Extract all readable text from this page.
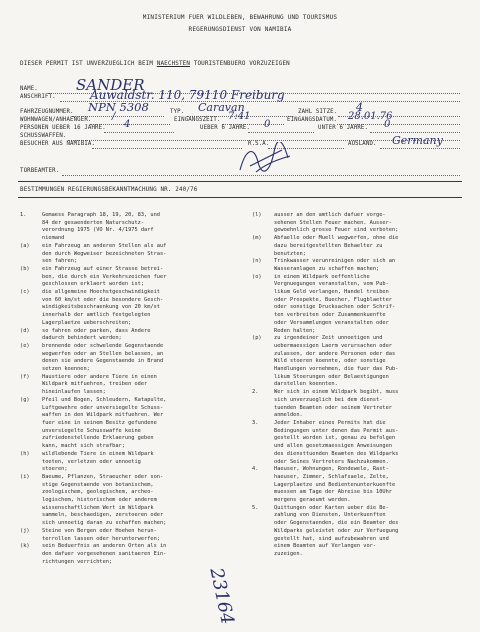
MINISTERIUM FUER WILDLEBEN, BEWAHRUNG UND TOURISMUS
REGERUNGSDIENST VON NAMIBIA
DIESER PERMIT IST UNVERZUEGLICH BEIM NAECHSTEN TOURISTENBUERO VORZUZEIGEN
NAME.	SANDER
ANSCHRIFT.	Auwaldstr. 110, 79110 Freiburg
FAHRZEUGNUMMER. NPN 5308	TYP. Caravan	ZAHL SITZE. 4
WOHNWAGEN/ANHAENGER. /	EINGANGSZEIT. 7:41	EINGANGSDATUM. 28.01.76
PERSONEN UEBER 16 JAHRE. 4	UEBER 6 JAHRE. 0	UNTER 6 JAHRE. 0
SCHUSSWAFFEN.
BESUCHER AUS NAMIBIA.	R.S.A.	AUSLAND. Germany
TORBEAMTER.
BESTIMMUNGEN REGIERUNGSBEKANNTMACHUNG NR. 240/76
1.	Gemaess Paragraph 18, 19, 20, 83, und
84 der gesaenderten Naturschutz-
verordnung 1975 (VO Nr. 4/1975 darf
niemand
(a) ein Fahrzeug an anderen Stellen als auf
den durch Wegweiser bezeichneten Stras-
sen fahren;
(b) ein Fahrzeug auf einer Strasse betrei-
ben, die durch ein Verkehrszeichen fuer
geschlossen erklaert worden ist;
(c) die allgemeine Hoechstgeschwindigkeit
von 60 km/st oder die besondere Gesch-
windigkeitsbeschraenkung von 20 km/st
innerhalb der amtlich festgelegten
Lagerplaetze ueberschreiten;
(d) so fahren oder parken, dass Andere
dadurch behindert werden;
(e) brennende oder schwelende Gegenstaende
wegwerfen oder an Stellen belassen, an
denen sie andere Gegenstaende in Brand
setzen koennen;
(f) Haustiere oder andere Tiere in einen
Wildpark mitfuehren, treiben oder
hineinlaufen lassen;
(g) Pfeil und Bogen, Schleudern, Katapulte,
Luftgewehre oder unversiegelte Schuss-
waffen in den Wildpark mitfuehren. Wer
fuer eine in seinem Besitz gefundene
unversiegelte Schusswaffe keine
zufriedenstellende Erklaerung geben
kann, macht sich strafbar;
(h) wildlebende Tiere in einem Wildpark
toeten, verletzen oder unnoetig
stoeren;
(i) Baeume, Pflanzen, Straeucher oder son-
stige Gegenstaende von botanischem,
zoologischem, geologischem, archeo-
logischem, historischem oder anderem
wissenschaftlichem Wert im Wildpark
sammeln, beschaedigen, zerstoeren oder
sich unnoetig daran zu schaffen machen;
(j) Steine von Bergen oder Hoehen herun-
terrollen lassen oder herunterwerfen;
(k) sein Beduerfnis an anderen Orten als in
den dafuer vorgesehenen sanitaeren Ein-
richtungen verrichten;
(l) ausser an den amtlich dafuer vorge-
sehenen Stellen Feuer machen. Ausser-
gewoehnlich grosse Feuer sind verboten;
(m) Abfaelle oder Muell wegwerfen, ohne die
dazu bereitgestellten Behaelter zu
benutzten;
(n) Trinkwasser verunreinigen oder sich an
Wasseranlagen zu schaffen machen;
(o) in einem Wildpark oeffentliche
Vergnuegungen veranstalten, vom Pub-
likum Geld verlangen, Handel treiben
oder Prospekte, Buecher, Flugblaetter
oder sonstige Drucksachen oder Schrif-
ten verbreiten oder Zusammenkuenfte
oder Versammlungen veranstalten oder
Reden halten;
(p) zu irgendeiner Zeit unnoetigen und
uebermaessigen Laerm verursachen oder
zulassen, der andere Personen oder das
Wild stoeren koennte, oder sonstige
Handlungen vornehmen, die fuer das Pub-
likum Stoerungen oder Belaestigungen
darstellen koennten.
2.	Wer sich in einem Wildpark begibt, muss
sich unverzueglich bei dem dienst-
tuenden Beamten oder seinem Vertreter
anmelden.
3.	Jeder Inhaber eines Permits hat die
Bedingungen unter denen das Permit aus-
gestellt worden ist, genau zu befolgen
und allen gesetzmaessigen Anweisungen
des diensttuenden Beamten des Wildparks
oder Seines Vertreters Nachzukommen.
4.	Haeuser, Wohnungen, Rondewele, Rast-
haeuser, Zimmer, Schlafsaele, Zelte,
Lagerplaetze und Bedientenunterkuenfte
muessen am Tage der Abreise bis 10Uhr
morgens geraeumt werden.
5.	Quittungen oder Karten ueber die Be-
zahlung von Diensten, Unterkuenften
oder Gegenstaenden, die ein Beamter des
Wildparks geleistet oder zur Verfuegung
gestellt hat, sind aufzubewahren und
einem Beamten auf Verlangen vor-
zuzeigen.
23164
